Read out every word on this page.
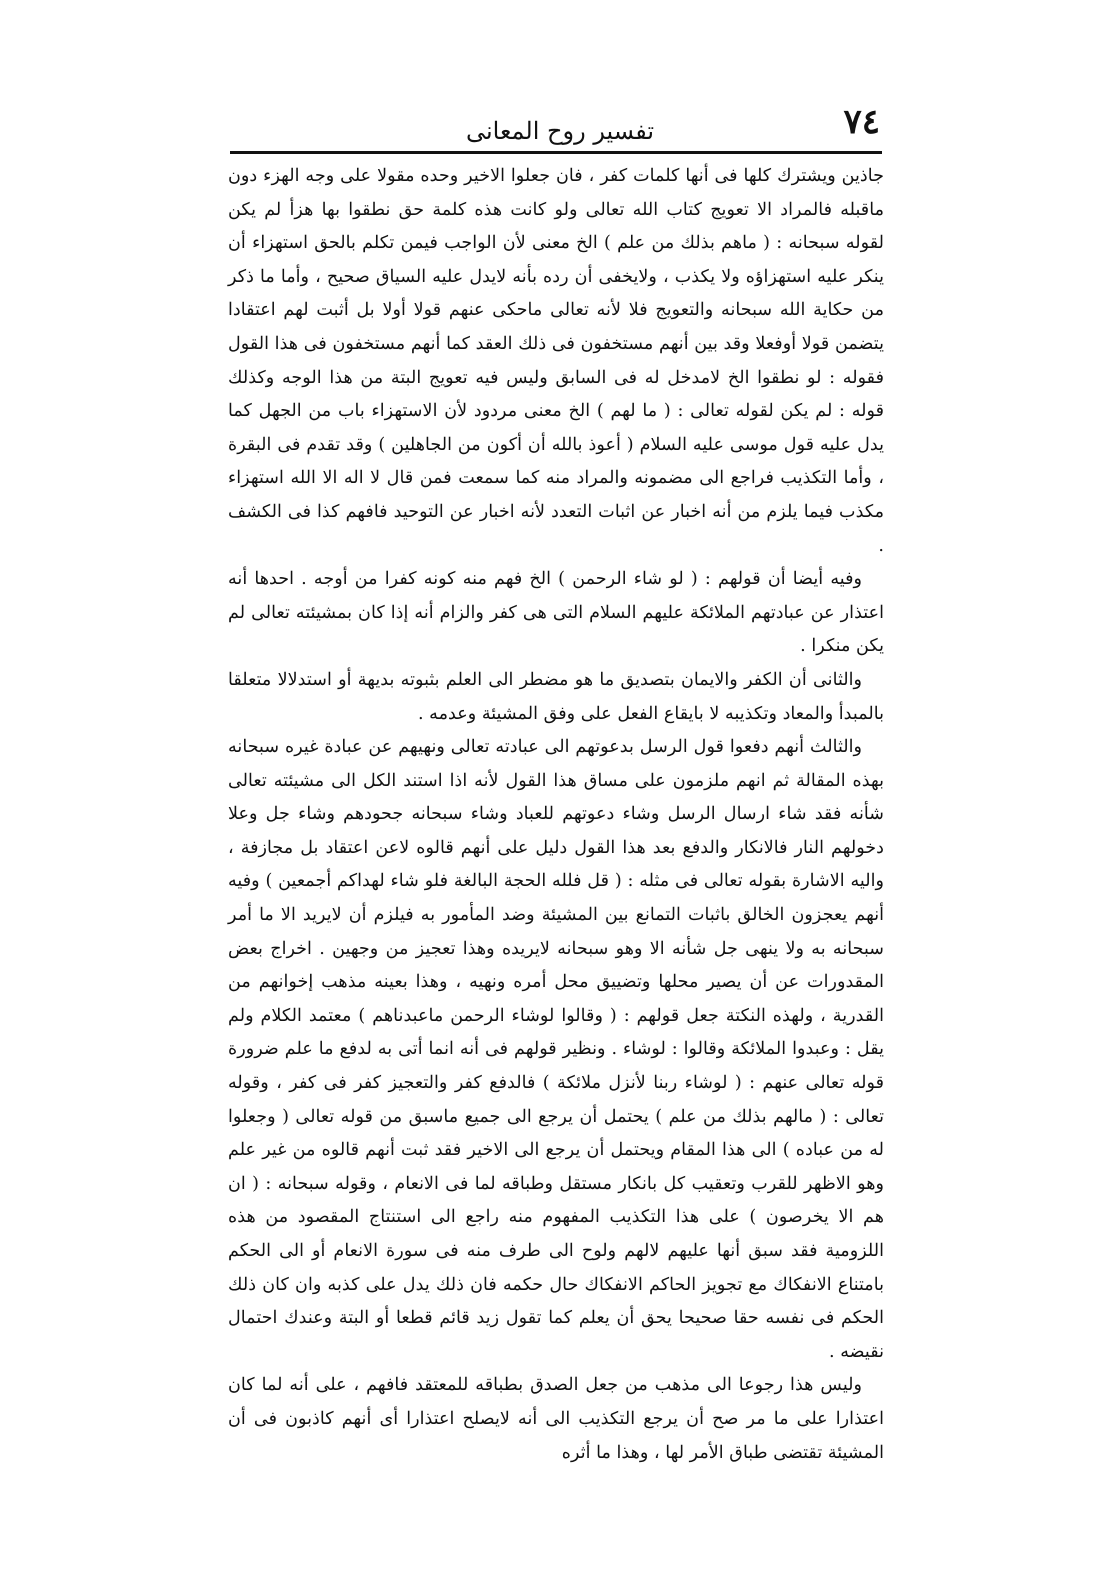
٧٤
تفسير روح المعانى

جاذين ويشترك كلها فى أنها كلمات كفر ، فان جعلوا الاخير وحده مقولا على وجه الهزء دون ماقبله فالمراد الا تعويج كتاب الله تعالى ولو كانت هذه كلمة حق نطقوا بها هزأ لم يكن لقوله سبحانه : ( ماهم بذلك من علم ) الخ معنى لأن الواجب فيمن تكلم بالحق استهزاء أن ينكر عليه استهزاؤه ولا يكذب ، ولايخفى أن رده بأنه لايدل عليه السياق صحيح ، وأما ما ذكر من حكاية الله سبحانه والتعويج فلا لأنه تعالى ماحكى عنهم قولا أولا بل أثبت لهم اعتقادا يتضمن قولا أوفعلا وقد بين أنهم مستخفون فى ذلك العقد كما أنهم مستخفون فى هذا القول فقوله : لو نطقوا الخ لامدخل له فى السابق وليس فيه تعويج البتة من هذا الوجه وكذلك قوله : لم يكن لقوله تعالى : ( ما لهم ) الخ معنى مردود لأن الاستهزاء باب من الجهل كما يدل عليه قول موسى عليه السلام ( أعوذ بالله أن أكون من الجاهلين ) وقد تقدم فى البقرة ، وأما التكذيب فراجع الى مضمونه والمراد منه كما سمعت فمن قال لا اله الا الله استهزاء مكذب فيما يلزم من أنه اخبار عن اثبات التعدد لأنه اخبار عن التوحيد فافهم كذا فى الكشف .

وفيه أيضا أن قولهم : ( لو شاء الرحمن ) الخ فهم منه كونه كفرا من أوجه . احدها أنه اعتذار عن عبادتهم الملائكة عليهم السلام التى هى كفر والزام أنه إذا كان بمشيئته تعالى لم يكن منكرا .

والثانى أن الكفر والايمان بتصديق ما هو مضطر الى العلم بثبوته بديهة أو استدلالا متعلقا بالمبدأ والمعاد وتكذيبه لا بايقاع الفعل على وفق المشيئة وعدمه .

والثالث أنهم دفعوا قول الرسل بدعوتهم الى عبادته تعالى ونهيهم عن عبادة غيره سبحانه بهذه المقالة ثم انهم ملزمون على مساق هذا القول لأنه اذا استند الكل الى مشيئته تعالى شأنه فقد شاء ارسال الرسل وشاء دعوتهم للعباد وشاء سبحانه جحودهم وشاء جل وعلا دخولهم النار فالانكار والدفع بعد هذا القول دليل على أنهم قالوه لاعن اعتقاد بل مجازفة ، واليه الاشارة بقوله تعالى فى مثله : ( قل فلله الحجة البالغة فلو شاء لهداكم أجمعين ) وفيه أنهم يعجزون الخالق باثبات التمانع بين المشيئة وضد المأمور به فيلزم أن لايريد الا ما أمر سبحانه به ولا ينهى جل شأنه الا وهو سبحانه لايريده وهذا تعجيز من وجهين . اخراج بعض المقدورات عن أن يصير محلها وتضييق محل أمره ونهيه ، وهذا بعينه مذهب إخوانهم من القدرية ، ولهذه النكتة جعل قولهم : ( وقالوا لوشاء الرحمن ماعبدناهم ) معتمد الكلام ولم يقل : وعبدوا الملائكة وقالوا : لوشاء . ونظير قولهم فى أنه انما أتى به لدفع ما علم ضرورة قوله تعالى عنهم : ( لوشاء ربنا لأنزل ملائكة ) فالدفع كفر والتعجيز كفر فى كفر ، وقوله تعالى : ( مالهم بذلك من علم ) يحتمل أن يرجع الى جميع ماسبق من قوله تعالى ( وجعلوا له من عباده ) الى هذا المقام ويحتمل أن يرجع الى الاخير فقد ثبت أنهم قالوه من غير علم وهو الاظهر للقرب وتعقيب كل بانكار مستقل وطباقه لما فى الانعام ، وقوله سبحانه : ( ان هم الا يخرصون ) على هذا التكذيب المفهوم منه راجع الى استنتاج المقصود من هذه اللزومية فقد سبق أنها عليهم لالهم ولوح الى طرف منه فى سورة الانعام أو الى الحكم بامتناع الانفكاك مع تجويز الحاكم الانفكاك حال حكمه فان ذلك يدل على كذبه وان كان ذلك الحكم فى نفسه حقا صحيحا يحق أن يعلم كما تقول زيد قائم قطعا أو البتة وعندك احتمال نقيضه .

وليس هذا رجوعا الى مذهب من جعل الصدق بطباقه للمعتقد فافهم ، على أنه لما كان اعتذارا على ما مر صح أن يرجع التكذيب الى أنه لايصلح اعتذارا أى أنهم كاذبون فى أن المشيئة تقتضى طباق الأمر لها ، وهذا ما أثره
